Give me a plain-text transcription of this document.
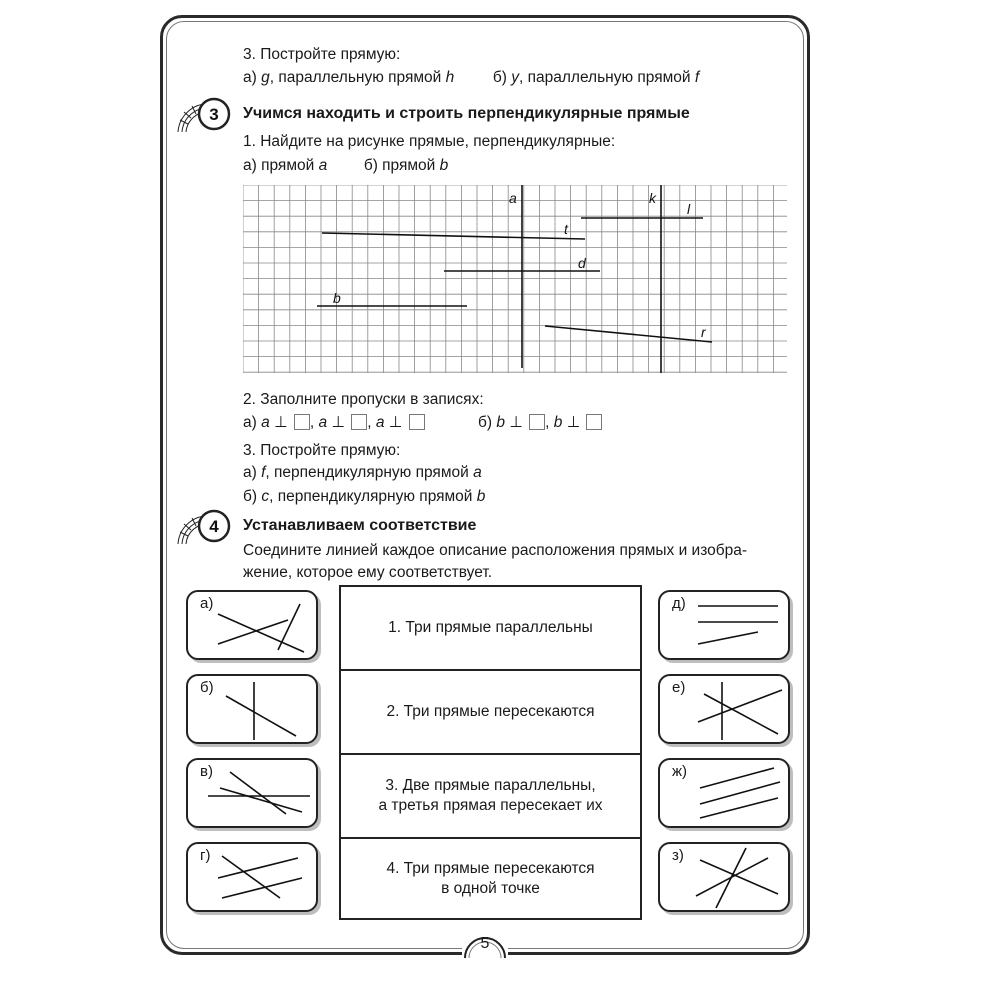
3. Постройте прямую:
а) g, параллельную прямой h б) y, параллельную прямой f
3 Учимся находить и строить перпендикулярные прямые
1. Найдите на рисунке прямые, перпендикулярные:
а) прямой a б) прямой b
a	k
l
t
d
b
r
2. Заполните пропуски в записях:
а) a ⊥ , a ⊥ , a ⊥	б) b ⊥ , b ⊥
3. Постройте прямую:
а) f, перпендикулярную прямой a
б) c, перпендикулярную прямой b
4 Устанавливаем соответствие
Соедините линией каждое описание расположения прямых и изобра-
жение, которое ему соответствует.
а)
б)
в)
г)
1. Три прямые параллельны
2. Три прямые пересекаются
3. Две прямые параллельны,
а третья прямая пересекает их
4. Три прямые пересекаются
в одной точке
д)
е)
ж)
з)
5
